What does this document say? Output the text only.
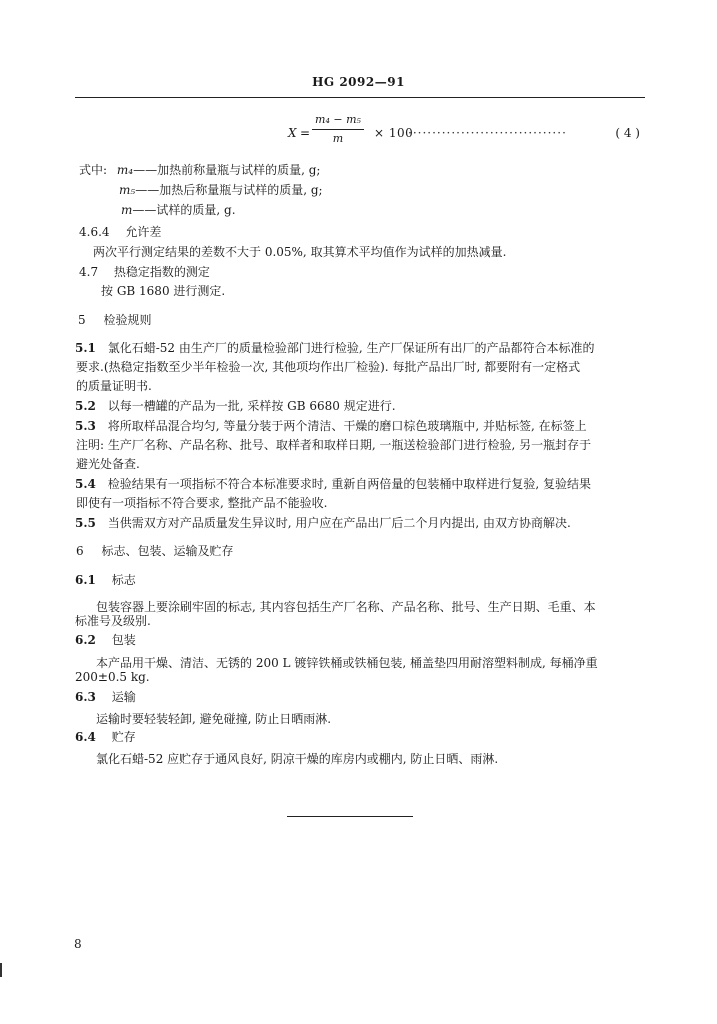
HG 2092—91
X =
m₄ − m₅
m	× 100
·································	( 4 )
式中: m₄——加热前称量瓶与试样的质量, g;
m₅——加热后称量瓶与试样的质量, g;
m——试样的质量, g.
4.6.4 允许差
两次平行测定结果的差数不大于 0.05%, 取其算术平均值作为试样的加热减量.
4.7 热稳定指数的测定
按 GB 1680 进行测定.
5 检验规则
5.1 氯化石蜡-52 由生产厂的质量检验部门进行检验, 生产厂保证所有出厂的产品都符合本标准的
要求.(热稳定指数至少半年检验一次, 其他项均作出厂检验). 每批产品出厂时, 都要附有一定格式
的质量证明书.
5.2 以每一槽罐的产品为一批, 采样按 GB 6680 规定进行.
5.3 将所取样品混合均匀, 等量分装于两个清洁、干燥的磨口棕色玻璃瓶中, 并贴标签, 在标签上
注明: 生产厂名称、产品名称、批号、取样者和取样日期, 一瓶送检验部门进行检验, 另一瓶封存于
避光处备查.
5.4 检验结果有一项指标不符合本标准要求时, 重新自两倍量的包装桶中取样进行复验, 复验结果
即使有一项指标不符合要求, 整批产品不能验收.
5.5 当供需双方对产品质量发生异议时, 用户应在产品出厂后二个月内提出, 由双方协商解决.
6 标志、包装、运输及贮存
6.1 标志
包装容器上要涂刷牢固的标志, 其内容包括生产厂名称、产品名称、批号、生产日期、毛重、本
标准号及级别.
6.2 包装
本产品用干燥、清洁、无锈的 200 L 镀锌铁桶或铁桶包装, 桶盖垫四用耐溶塑料制成, 每桶净重
200±0.5 kg.
6.3 运输
运输时要轻装轻卸, 避免碰撞, 防止日晒雨淋.
6.4 贮存
氯化石蜡-52 应贮存于通风良好, 阴凉干燥的库房内或棚内, 防止日晒、雨淋.
8
